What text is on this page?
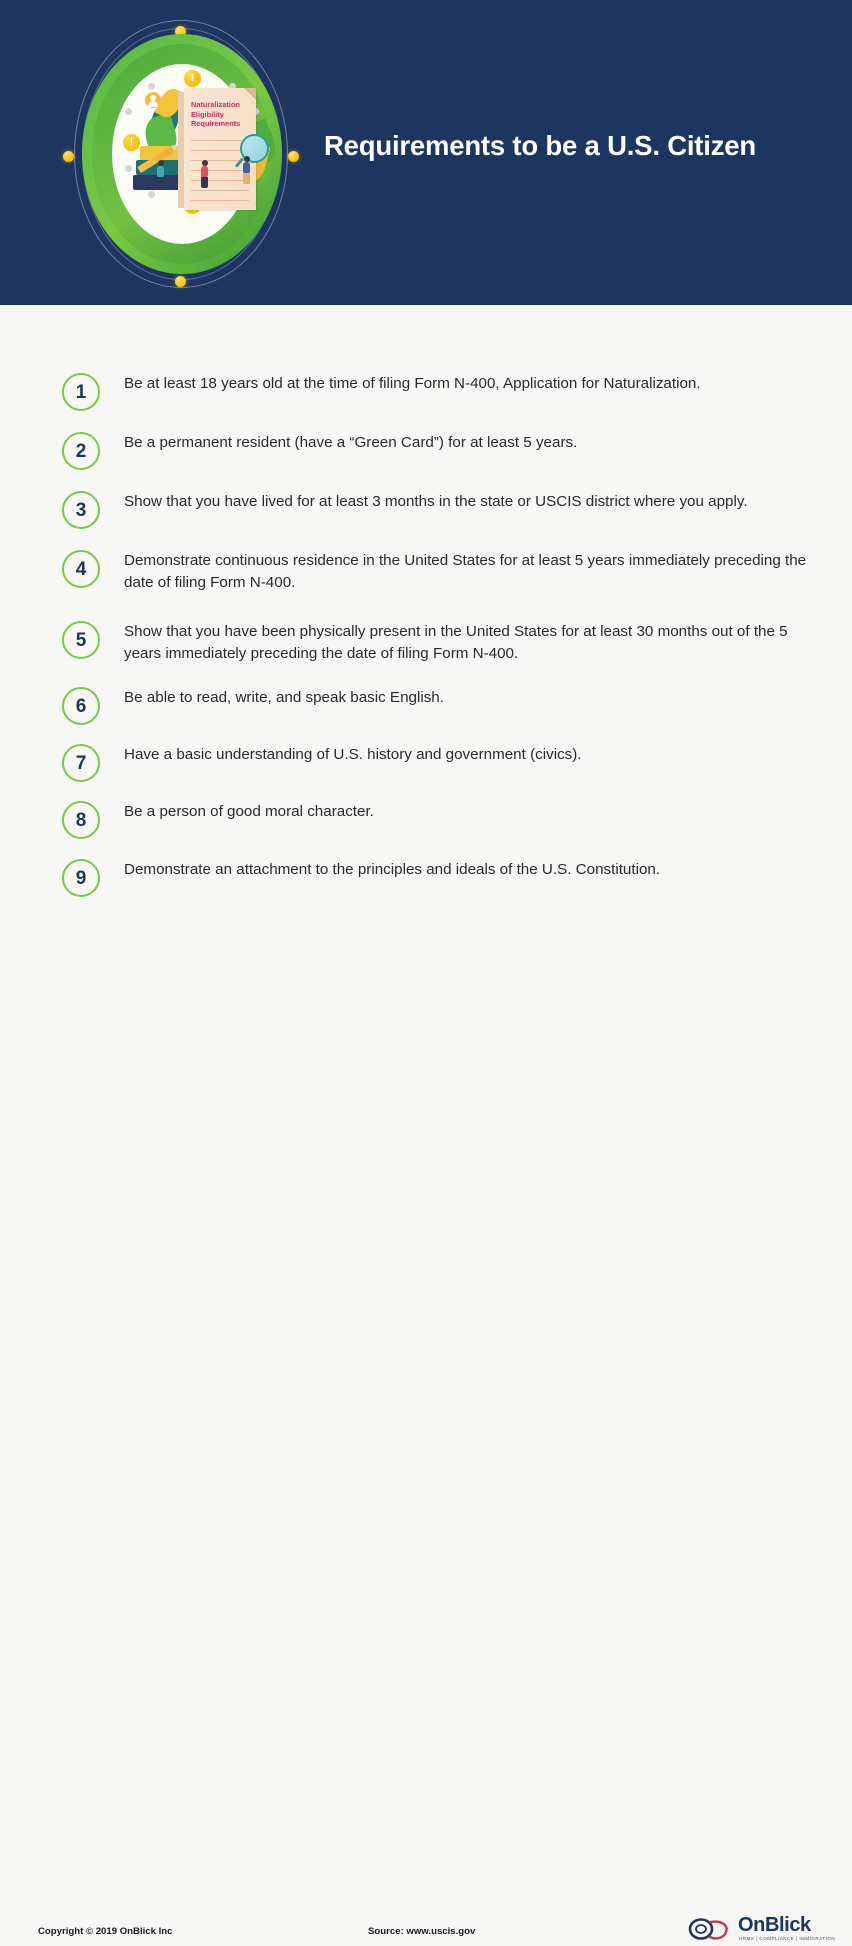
!
!
Naturalization
Eligibility
Requirements
Requirements to be a U.S. Citizen
1	Be at least 18 years old at the time of filing Form N-400, Application for Naturalization.
2	Be a permanent resident (have a “Green Card”) for at least 5 years.
3	Show that you have lived for at least 3 months in the state or USCIS district where you apply.
4	Demonstrate continuous residence in the United States for at least 5 years immediately preceding the date of filing Form N-400.
5	Show that you have been physically present in the United States for at least 30 months out of the 5 years immediately preceding the date of filing Form N-400.
6	Be able to read, write, and speak basic English.
7	Have a basic understanding of U.S. history and government (civics).
8	Be a person of good moral character.
9	Demonstrate an attachment to the principles and ideals of the U.S. Constitution.
Copyright © 2019 OnBlick Inc	Source: www.uscis.gov	OnBlick
HRMS | COMPLIANCE | IMMIGRATION
